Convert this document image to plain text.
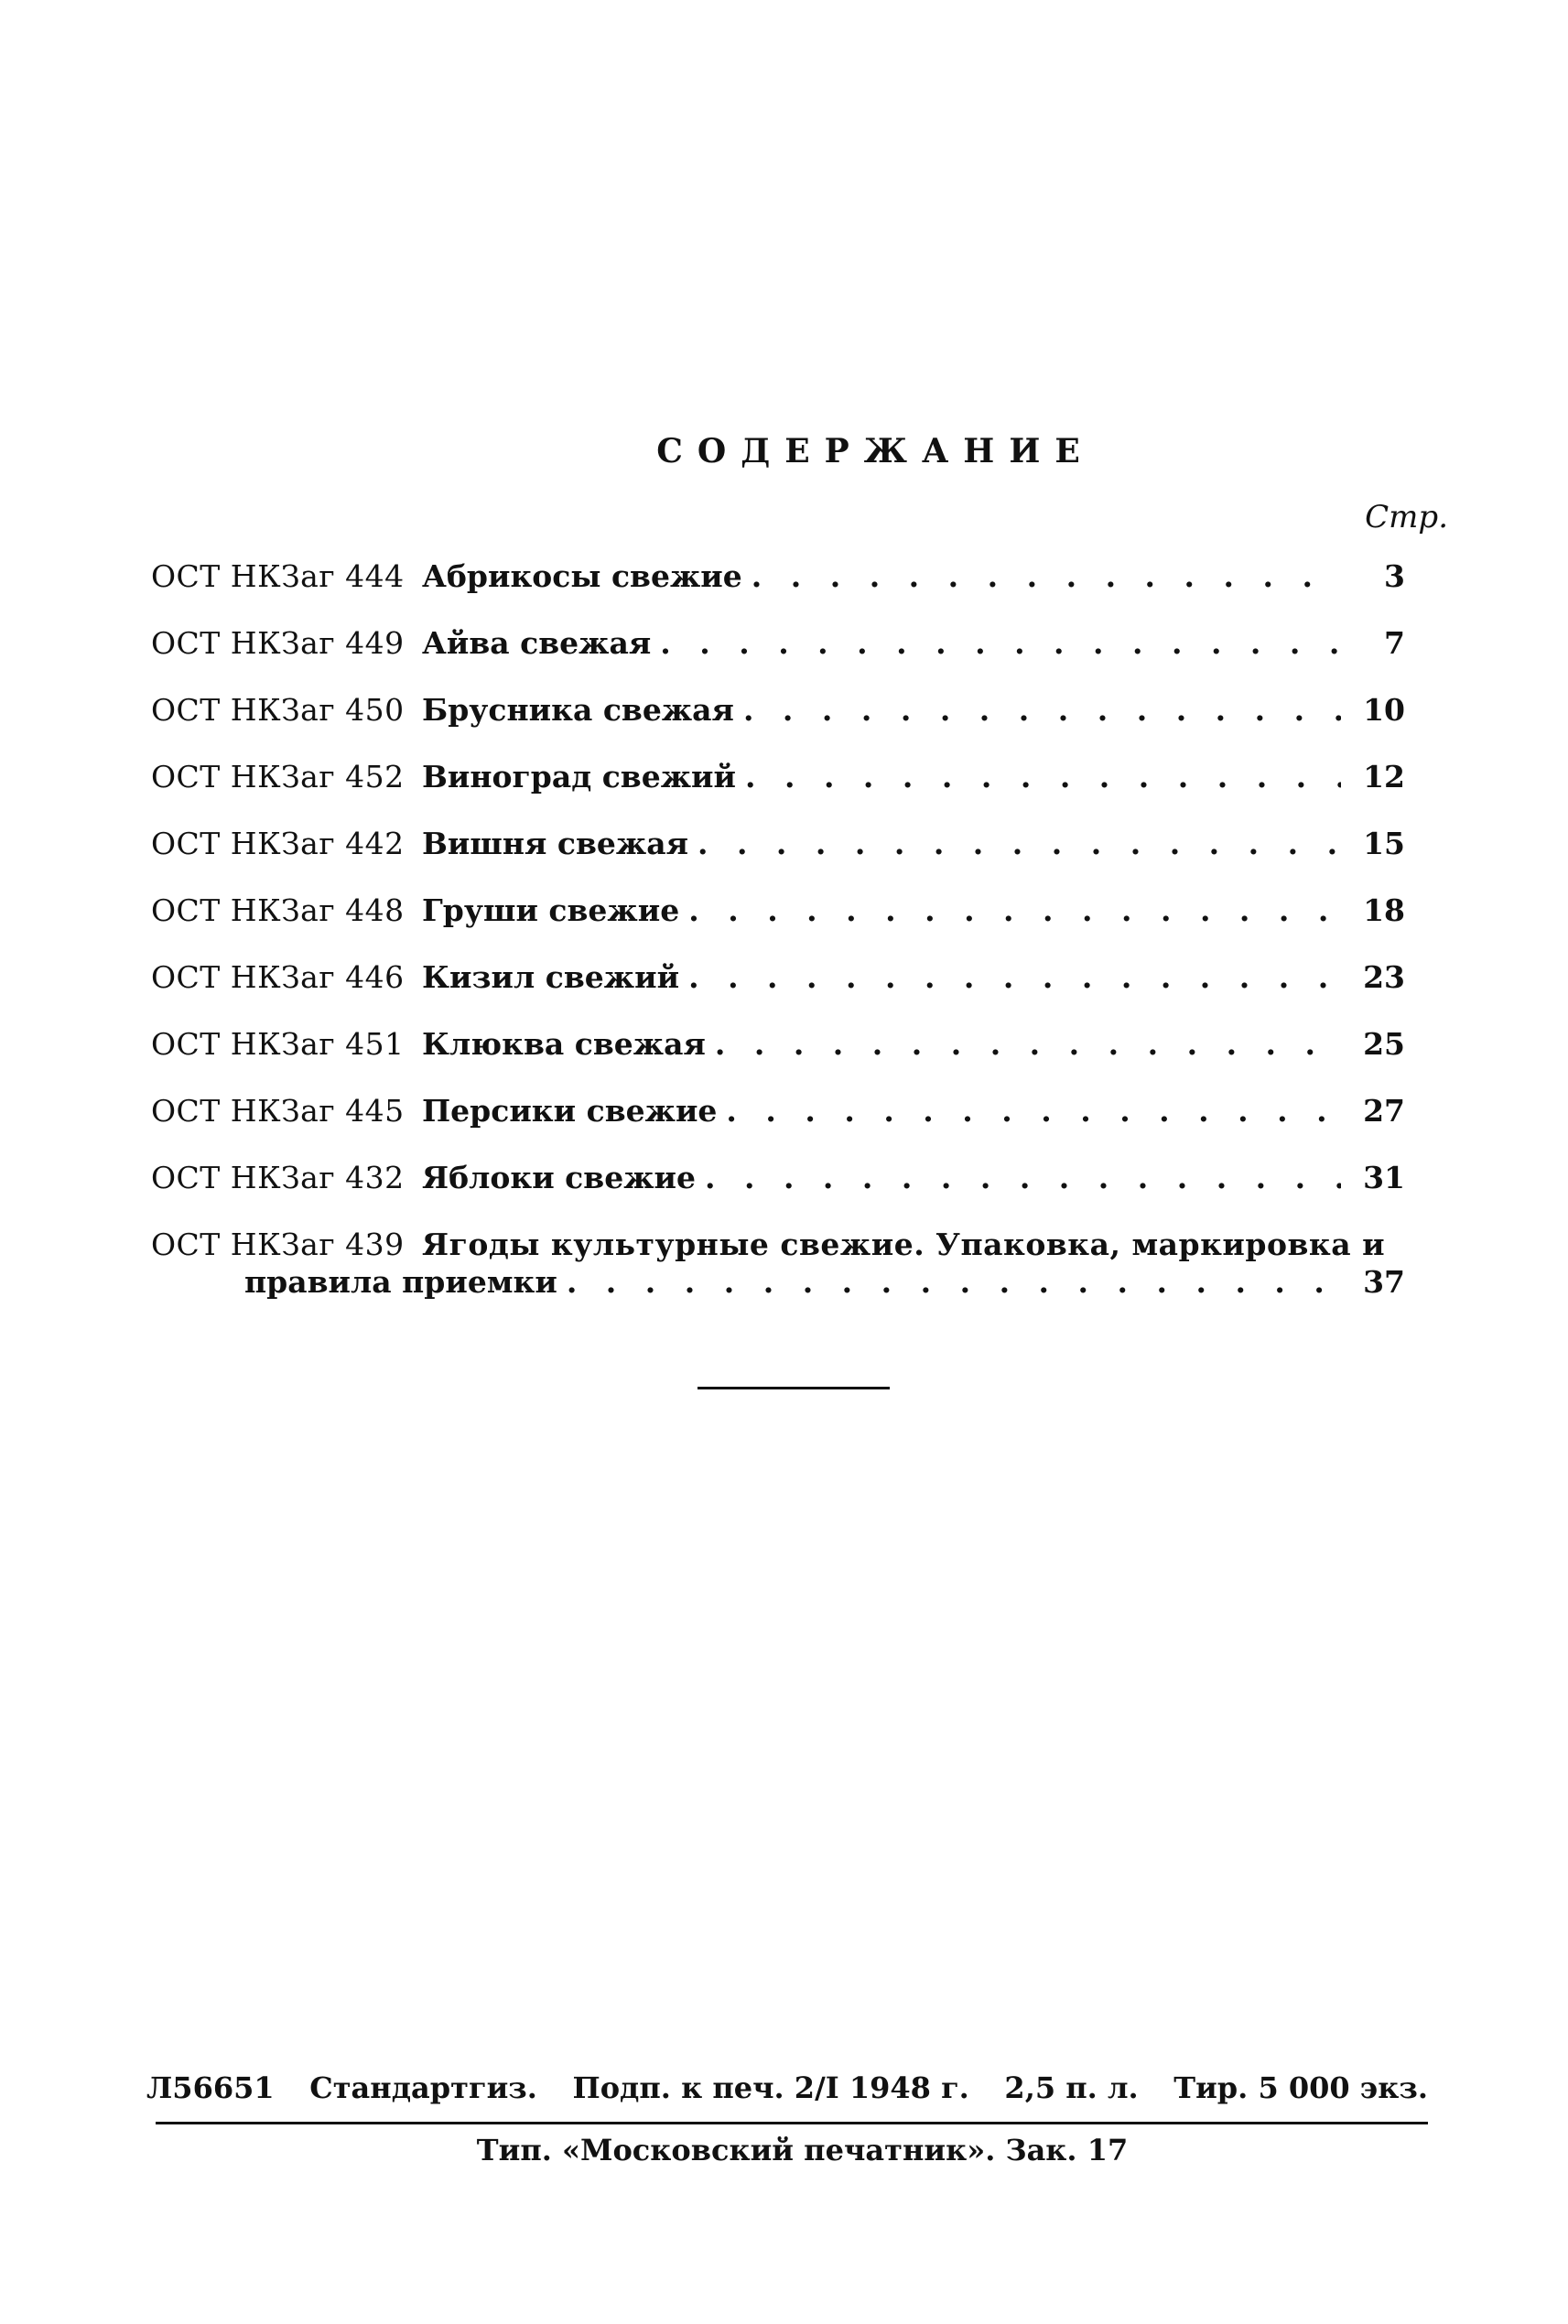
СОДЕРЖАНИЕ
Стр.
ОСТ НКЗаг 444 Абрикосы свежие . . .	3
ОСТ НКЗаг 449 Айва свежая . . .	7
ОСТ НКЗаг 450 Брусника свежая . . .	10
ОСТ НКЗаг 452 Виноград свежий . . .	12
ОСТ НКЗаг 442 Вишня свежая . . .	15
ОСТ НКЗаг 448 Груши свежие . . .	18
ОСТ НКЗаг 446 Кизил свежий . . .	23
ОСТ НКЗаг 451 Клюква свежая . . .	25
ОСТ НКЗаг 445 Персики свежие . . .	27
ОСТ НКЗаг 432 Яблоки свежие . . .	31
ОСТ НКЗаг 439 Ягоды культурные свежие. Упаковка, маркировка и
правила приемки . . .	37
Л56651 Стандартгиз. Подп. к печ. 2/I 1948 г. 2,5 п. л. Тир. 5 000 экз.
Тип. «Московский печатник». Зак. 17
